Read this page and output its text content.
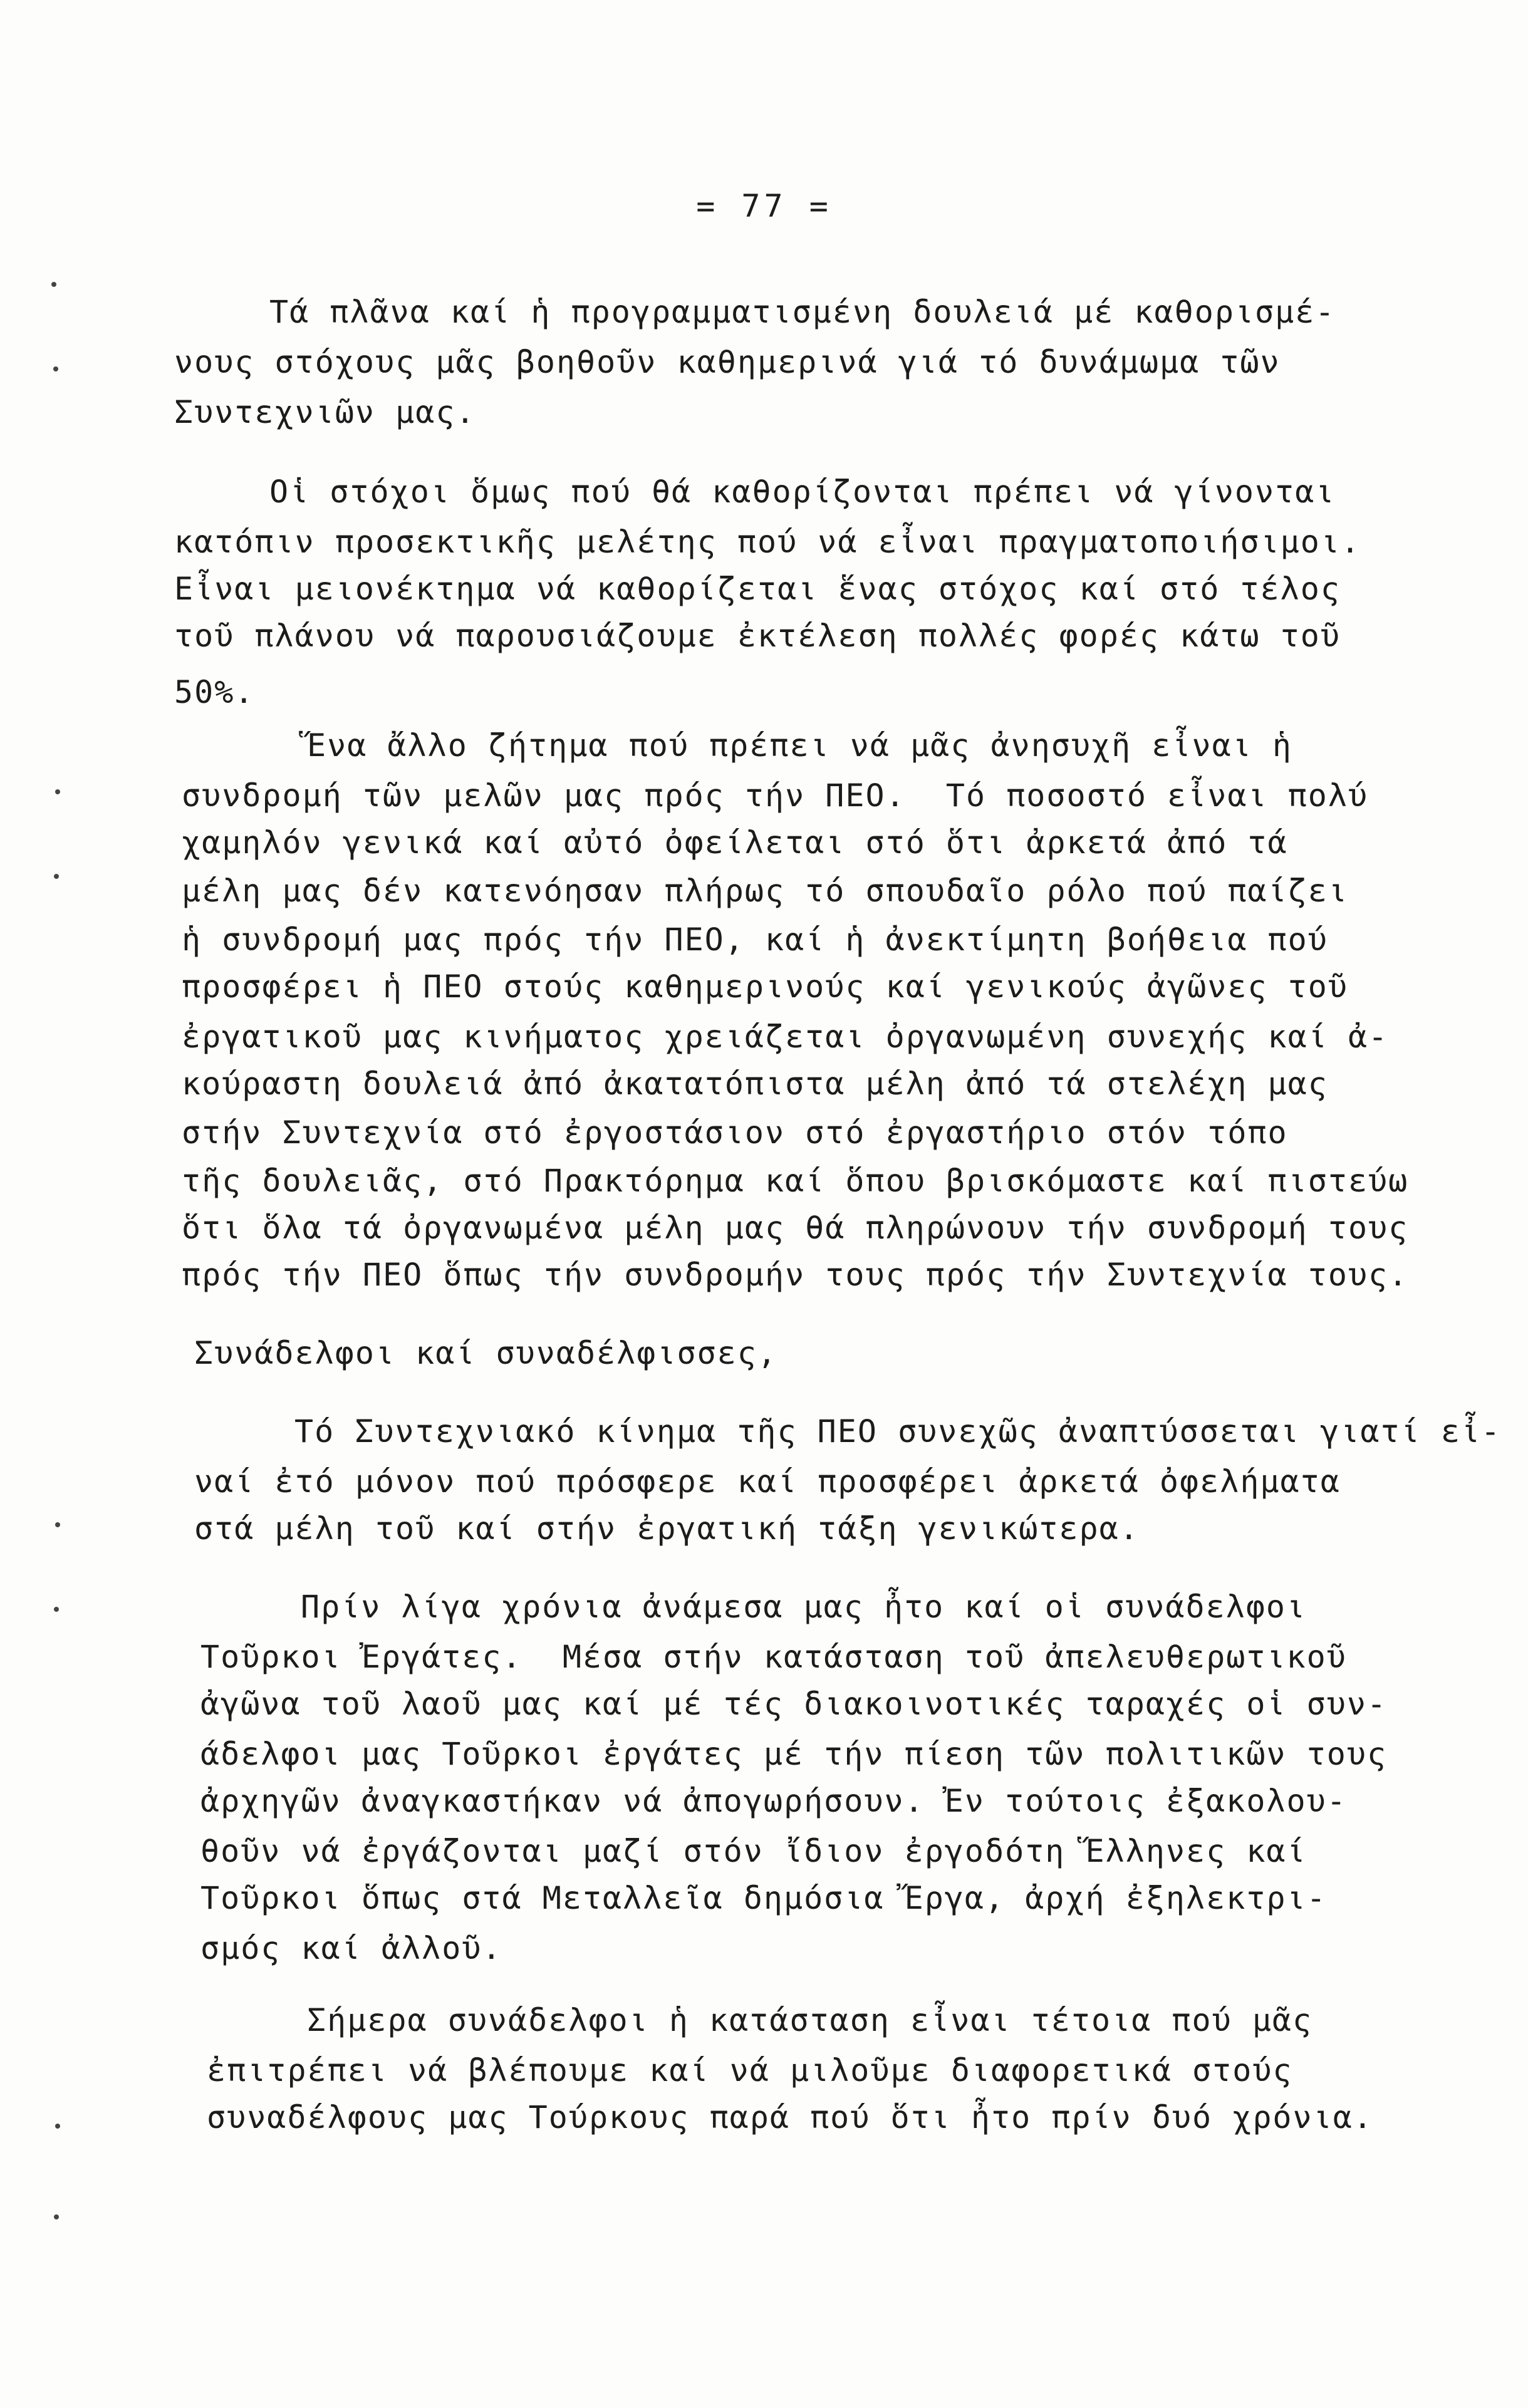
= 77 =
Τά πλᾶνα καί ἡ προγραμματισμένη δουλειά μέ καθορισμέ-
νους στόχους μᾶς βοηθοῦν καθημερινά γιά τό δυνάμωμα τῶν
Συντεχνιῶν μας.
Οἱ στόχοι ὅμως πού θά καθορίζονται πρέπει νά γίνονται
κατόπιν προσεκτικῆς μελέτης πού νά εἶναι πραγματοποιήσιμοι.
Εἶναι μειονέκτημα νά καθορίζεται ἕνας στόχος καί στό τέλος
τοῦ πλάνου νά παρουσιάζουμε ἐκτέλεση πολλές φορές κάτω τοῦ
50%.
Ἕνα ἄλλο ζήτημα πού πρέπει νά μᾶς ἀνησυχῆ εἶναι ἡ
συνδρομή τῶν μελῶν μας πρός τήν ΠΕΟ.  Τό ποσοστό εἶναι πολύ
χαμηλόν γενικά καί αὐτό ὀφείλεται στό ὅτι ἀρκετά ἀπό τά
μέλη μας δέν κατενόησαν πλήρως τό σπουδαῖο ρόλο πού παίζει
ἡ συνδρομή μας πρός τήν ΠΕΟ, καί ἡ ἀνεκτίμητη βοήθεια πού
προσφέρει ἡ ΠΕΟ στούς καθημερινούς καί γενικούς ἀγῶνες τοῦ
ἐργατικοῦ μας κινήματος χρειάζεται ὀργανωμένη συνεχής καί ἀ-
κούραστη δουλειά ἀπό ἀκατατόπιστα μέλη ἀπό τά στελέχη μας
στήν Συντεχνία στό ἐργοστάσιον στό ἐργαστήριο στόν τόπο
τῆς δουλειᾶς, στό Πρακτόρημα καί ὅπου βρισκόμαστε καί πιστεύω
ὅτι ὅλα τά ὀργανωμένα μέλη μας θά πληρώνουν τήν συνδρομή τους
πρός τήν ΠΕΟ ὅπως τήν συνδρομήν τους πρός τήν Συντεχνία τους.
Συνάδελφοι καί συναδέλφισσες,
Τό Συντεχνιακό κίνημα τῆς ΠΕΟ συνεχῶς ἀναπτύσσεται γιατί εἶ-
ναί ἐτό μόνον πού πρόσφερε καί προσφέρει ἀρκετά ὀφελήματα
στά μέλη τοῦ καί στήν ἐργατική τάξη γενικώτερα.
Πρίν λίγα χρόνια ἀνάμεσα μας ἦτο καί οἱ συνάδελφοι
Τοῦρκοι Ἐργάτες.  Μέσα στήν κατάσταση τοῦ ἀπελευθερωτικοῦ
ἀγῶνα τοῦ λαοῦ μας καί μέ τές διακοινοτικές ταραχές οἱ συν-
άδελφοι μας Τοῦρκοι ἐργάτες μέ τήν πίεση τῶν πολιτικῶν τους
ἀρχηγῶν ἀναγκαστήκαν νά ἀπογωρήσουν. Ἐν τούτοις ἐξακολου-
θοῦν νά ἐργάζονται μαζί στόν ἴδιον ἐργοδότη Ἕλληνες καί
Τοῦρκοι ὅπως στά Μεταλλεῖα δημόσια Ἔργα, ἀρχή ἐξηλεκτρι-
σμός καί ἀλλοῦ.
Σήμερα συνάδελφοι ἡ κατάσταση εἶναι τέτοια πού μᾶς
ἐπιτρέπει νά βλέπουμε καί νά μιλοῦμε διαφορετικά στούς
συναδέλφους μας Τούρκους παρά πού ὅτι ἦτο πρίν δυό χρόνια.
